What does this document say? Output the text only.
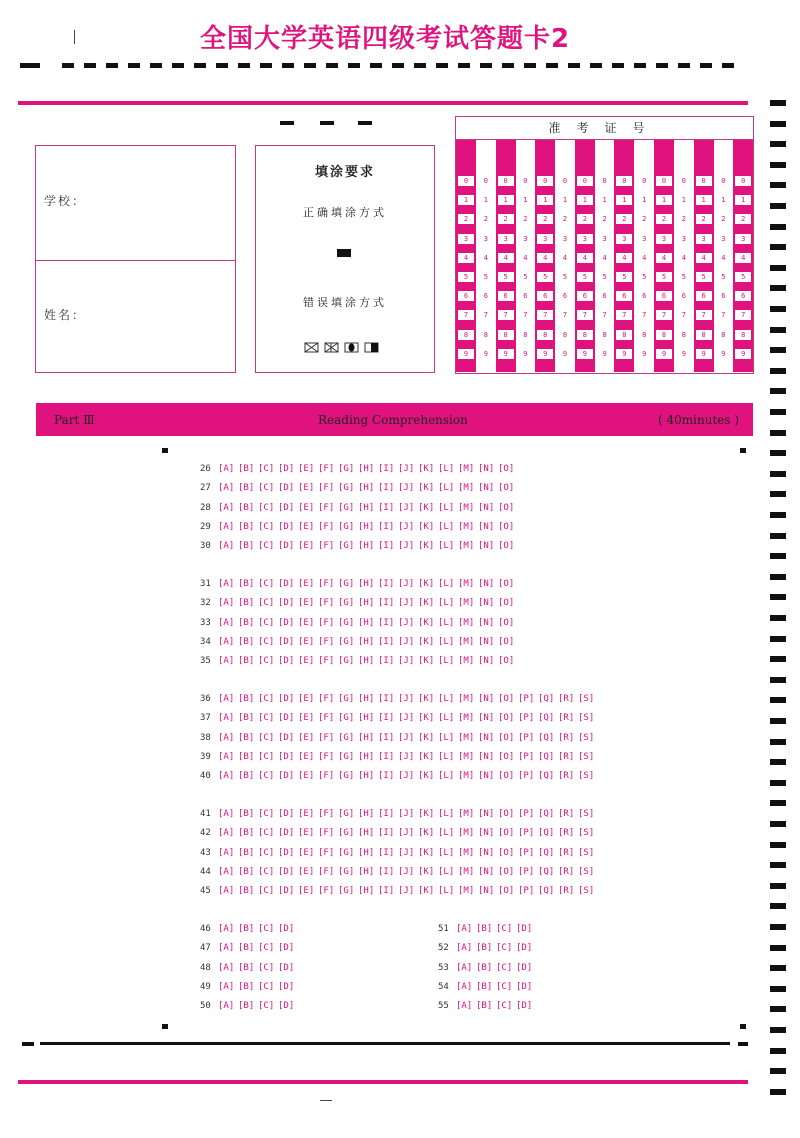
全国大学英语四级考试答题卡2
学校：
姓名：
填涂要求
正确填涂方式
错误填涂方式
准考证号
0
1
2
3
4
5
6
7
8
9
0
1
2
3
4
5
6
7
8
9
0
1
2
3
4
5
6
7
8
9
0
1
2
3
4
5
6
7
8
9
0
1
2
3
4
5
6
7
8
9
0
1
2
3
4
5
6
7
8
9
0
1
2
3
4
5
6
7
8
9
0
1
2
3
4
5
6
7
8
9
0
1
2
3
4
5
6
7
8
9
0
1
2
3
4
5
6
7
8
9
0
1
2
3
4
5
6
7
8
9
0
1
2
3
4
5
6
7
8
9
0
1
2
3
4
5
6
7
8
9
0
1
2
3
4
5
6
7
8
9
0
1
2
3
4
5
6
7
8
9
Part Ⅲ	Reading Comprehension	( 40minutes )
26 [A] [B] [C] [D] [E] [F] [G] [H] [I] [J] [K] [L] [M] [N] [O]
27 [A] [B] [C] [D] [E] [F] [G] [H] [I] [J] [K] [L] [M] [N] [O]
28 [A] [B] [C] [D] [E] [F] [G] [H] [I] [J] [K] [L] [M] [N] [O]
29 [A] [B] [C] [D] [E] [F] [G] [H] [I] [J] [K] [L] [M] [N] [O]
30 [A] [B] [C] [D] [E] [F] [G] [H] [I] [J] [K] [L] [M] [N] [O]
31 [A] [B] [C] [D] [E] [F] [G] [H] [I] [J] [K] [L] [M] [N] [O]
32 [A] [B] [C] [D] [E] [F] [G] [H] [I] [J] [K] [L] [M] [N] [O]
33 [A] [B] [C] [D] [E] [F] [G] [H] [I] [J] [K] [L] [M] [N] [O]
34 [A] [B] [C] [D] [E] [F] [G] [H] [I] [J] [K] [L] [M] [N] [O]
35 [A] [B] [C] [D] [E] [F] [G] [H] [I] [J] [K] [L] [M] [N] [O]
36 [A] [B] [C] [D] [E] [F] [G] [H] [I] [J] [K] [L] [M] [N] [O] [P] [Q] [R] [S]
37 [A] [B] [C] [D] [E] [F] [G] [H] [I] [J] [K] [L] [M] [N] [O] [P] [Q] [R] [S]
38 [A] [B] [C] [D] [E] [F] [G] [H] [I] [J] [K] [L] [M] [N] [O] [P] [Q] [R] [S]
39 [A] [B] [C] [D] [E] [F] [G] [H] [I] [J] [K] [L] [M] [N] [O] [P] [Q] [R] [S]
40 [A] [B] [C] [D] [E] [F] [G] [H] [I] [J] [K] [L] [M] [N] [O] [P] [Q] [R] [S]
41 [A] [B] [C] [D] [E] [F] [G] [H] [I] [J] [K] [L] [M] [N] [O] [P] [Q] [R] [S]
42 [A] [B] [C] [D] [E] [F] [G] [H] [I] [J] [K] [L] [M] [N] [O] [P] [Q] [R] [S]
43 [A] [B] [C] [D] [E] [F] [G] [H] [I] [J] [K] [L] [M] [N] [O] [P] [Q] [R] [S]
44 [A] [B] [C] [D] [E] [F] [G] [H] [I] [J] [K] [L] [M] [N] [O] [P] [Q] [R] [S]
45 [A] [B] [C] [D] [E] [F] [G] [H] [I] [J] [K] [L] [M] [N] [O] [P] [Q] [R] [S]
46 [A] [B] [C] [D]
47 [A] [B] [C] [D]
48 [A] [B] [C] [D]
49 [A] [B] [C] [D]
50 [A] [B] [C] [D]
51 [A] [B] [C] [D]
52 [A] [B] [C] [D]
53 [A] [B] [C] [D]
54 [A] [B] [C] [D]
55 [A] [B] [C] [D]
